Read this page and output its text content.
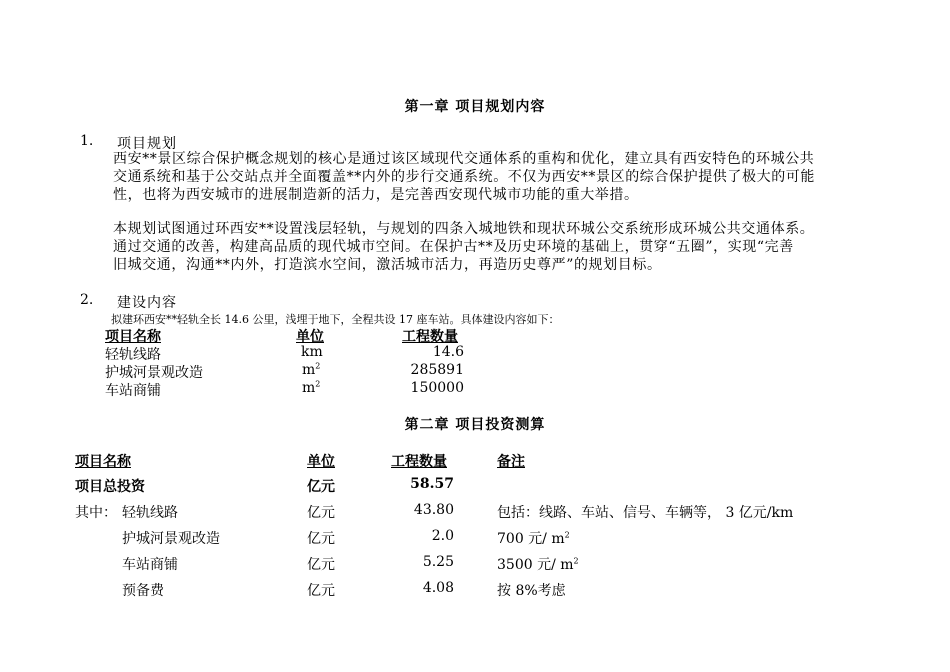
第一章 项目规划内容
1. 项目规划
西安**景区综合保护概念规划的核心是通过该区域现代交通体系的重构和优化，建立具有西安特色的环城公共
交通系统和基于公交站点并全面覆盖**内外的步行交通系统。不仅为西安**景区的综合保护提供了极大的可能
性，也将为西安城市的进展制造新的活力，是完善西安现代城市功能的重大举措。
本规划试图通过环西安**设置浅层轻轨，与规划的四条入城地铁和现状环城公交系统形成环城公共交通体系。
通过交通的改善，构建高品质的现代城市空间。在保护古**及历史环境的基础上，贯穿“五圈”，实现“完善
旧城交通，沟通**内外，打造滨水空间，激活城市活力，再造历史尊严”的规划目标。
2. 建设内容
拟建环西安**轻轨全长 14.6 公里，浅埋于地下，全程共设 17 座车站。具体建设内容如下：
项目名称	单位	工程数量
轻轨线路	km	14.6
护城河景观改造	$m^2$	285891
车站商铺	$m^2$	150000
第二章 项目投资测算
项目名称	单位	工程数量	备注
项目总投资	亿元	58.57
其中： 轻轨线路	亿元	43.80	包括：线路、车站、信号、车辆等， 3 亿元/km
护城河景观改造	亿元	2.0	700 元/ $m^2$
车站商铺	亿元	5.25	3500 元/ $m^2$
预备费	亿元	4.08	按 8%考虑
